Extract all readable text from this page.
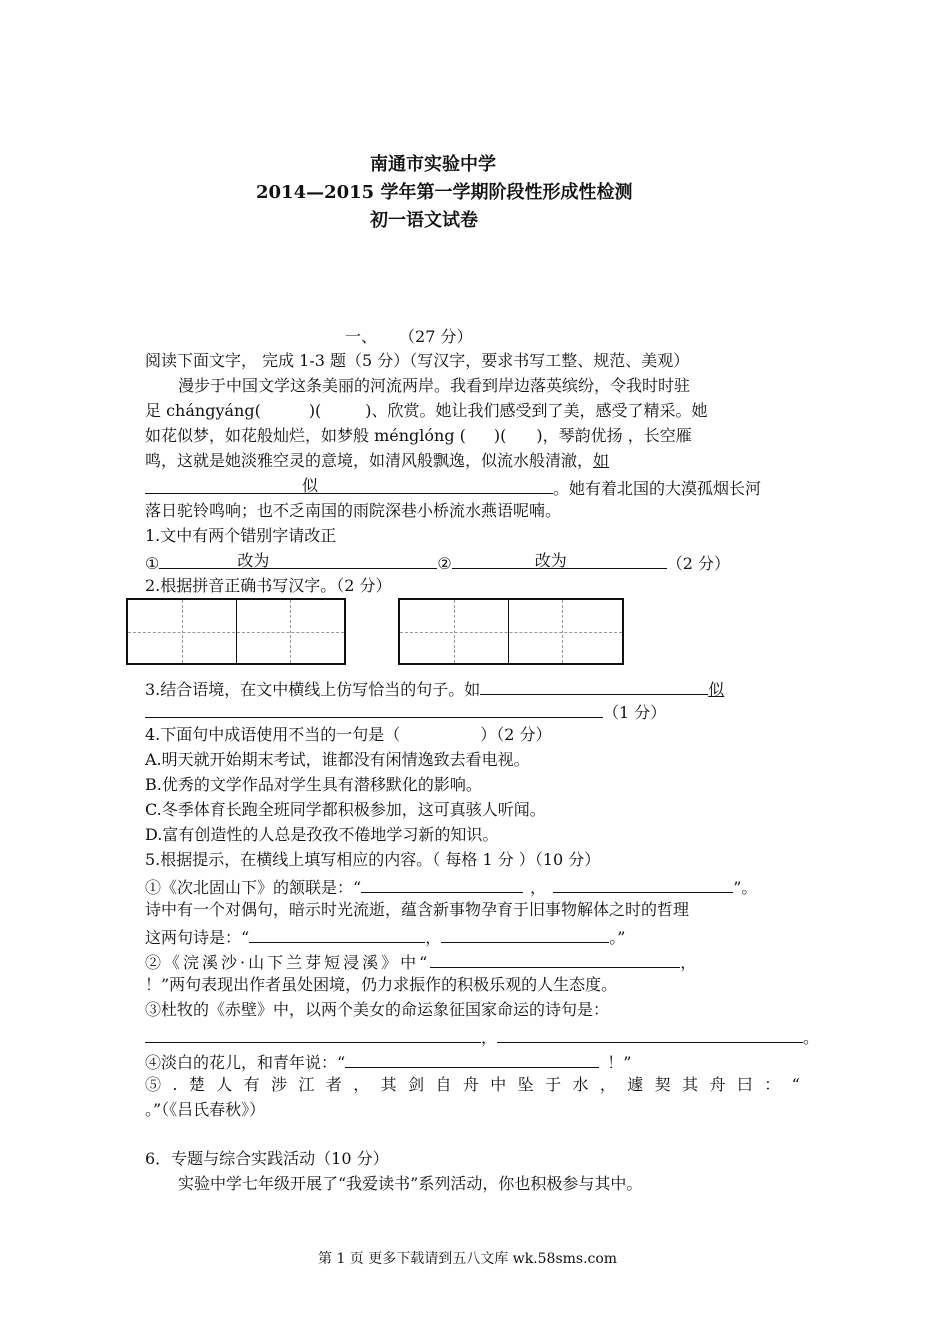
南通市实验中学
2014—2015 学年第一学期阶段性形成性检测
初一语文试卷
一、 （27 分）
阅读下面文字， 完成 1-3 题（5 分）（写汉字，要求书写工整、规范、美观）
漫步于中国文学这条美丽的河流两岸。我看到岸边落英缤纷，令我时时驻
足 chángyáng(	)(	)、欣赏。她让我们感受到了美，感受了精采。她
如花似梦，如花般灿烂，如梦般 ménglóng ( )( )，琴韵优扬 ，长空雁
鸣，这就是她淡雅空灵的意境，如清风般飘逸，似流水般清澈，如
似	。她有着北国的大漠孤烟长河
落日驼铃鸣响；也不乏南国的雨院深巷小桥流水燕语呢喃。
1.文中有两个错别字请改正
①	改为	②	改为	（2 分）
2.根据拼音正确书写汉字。（2 分）
3.结合语境，在文中横线上仿写恰当的句子。如	似
（1 分）
4.下面句中成语使用不当的一句是（	）（2 分）
A.明天就开始期末考试，谁都没有闲情逸致去看电视。
B.优秀的文学作品对学生具有潜移默化的影响。
C.冬季体育长跑全班同学都积极参加，这可真骇人听闻。
D.富有创造性的人总是孜孜不倦地学习新的知识。
5.根据提示，在横线上填写相应的内容。（ 每格 1 分 ）（10 分）
①《次北固山下》的颔联是：“	，	”。
诗中有一个对偶句，暗示时光流逝，蕴含新事物孕育于旧事物解体之时的哲理
这两句诗是：“	，	。”
②《浣溪沙·山下兰芽短浸溪》中“	，
！”两句表现出作者虽处困境，仍力求振作的积极乐观的人生态度。
③杜牧的《赤壁》中，以两个美女的命运象征国家命运的诗句是：
，	。
④淡白的花儿，和青年说：“	！”
⑤.楚人有涉江者，其剑自舟中坠于水，遽契其舟曰：“
。”（《吕氏春秋》）
6．专题与综合实践活动（10 分）
实验中学七年级开展了“我爱读书”系列活动，你也积极参与其中。
第 1 页 更多下载请到五八文库 wk.58sms.com
